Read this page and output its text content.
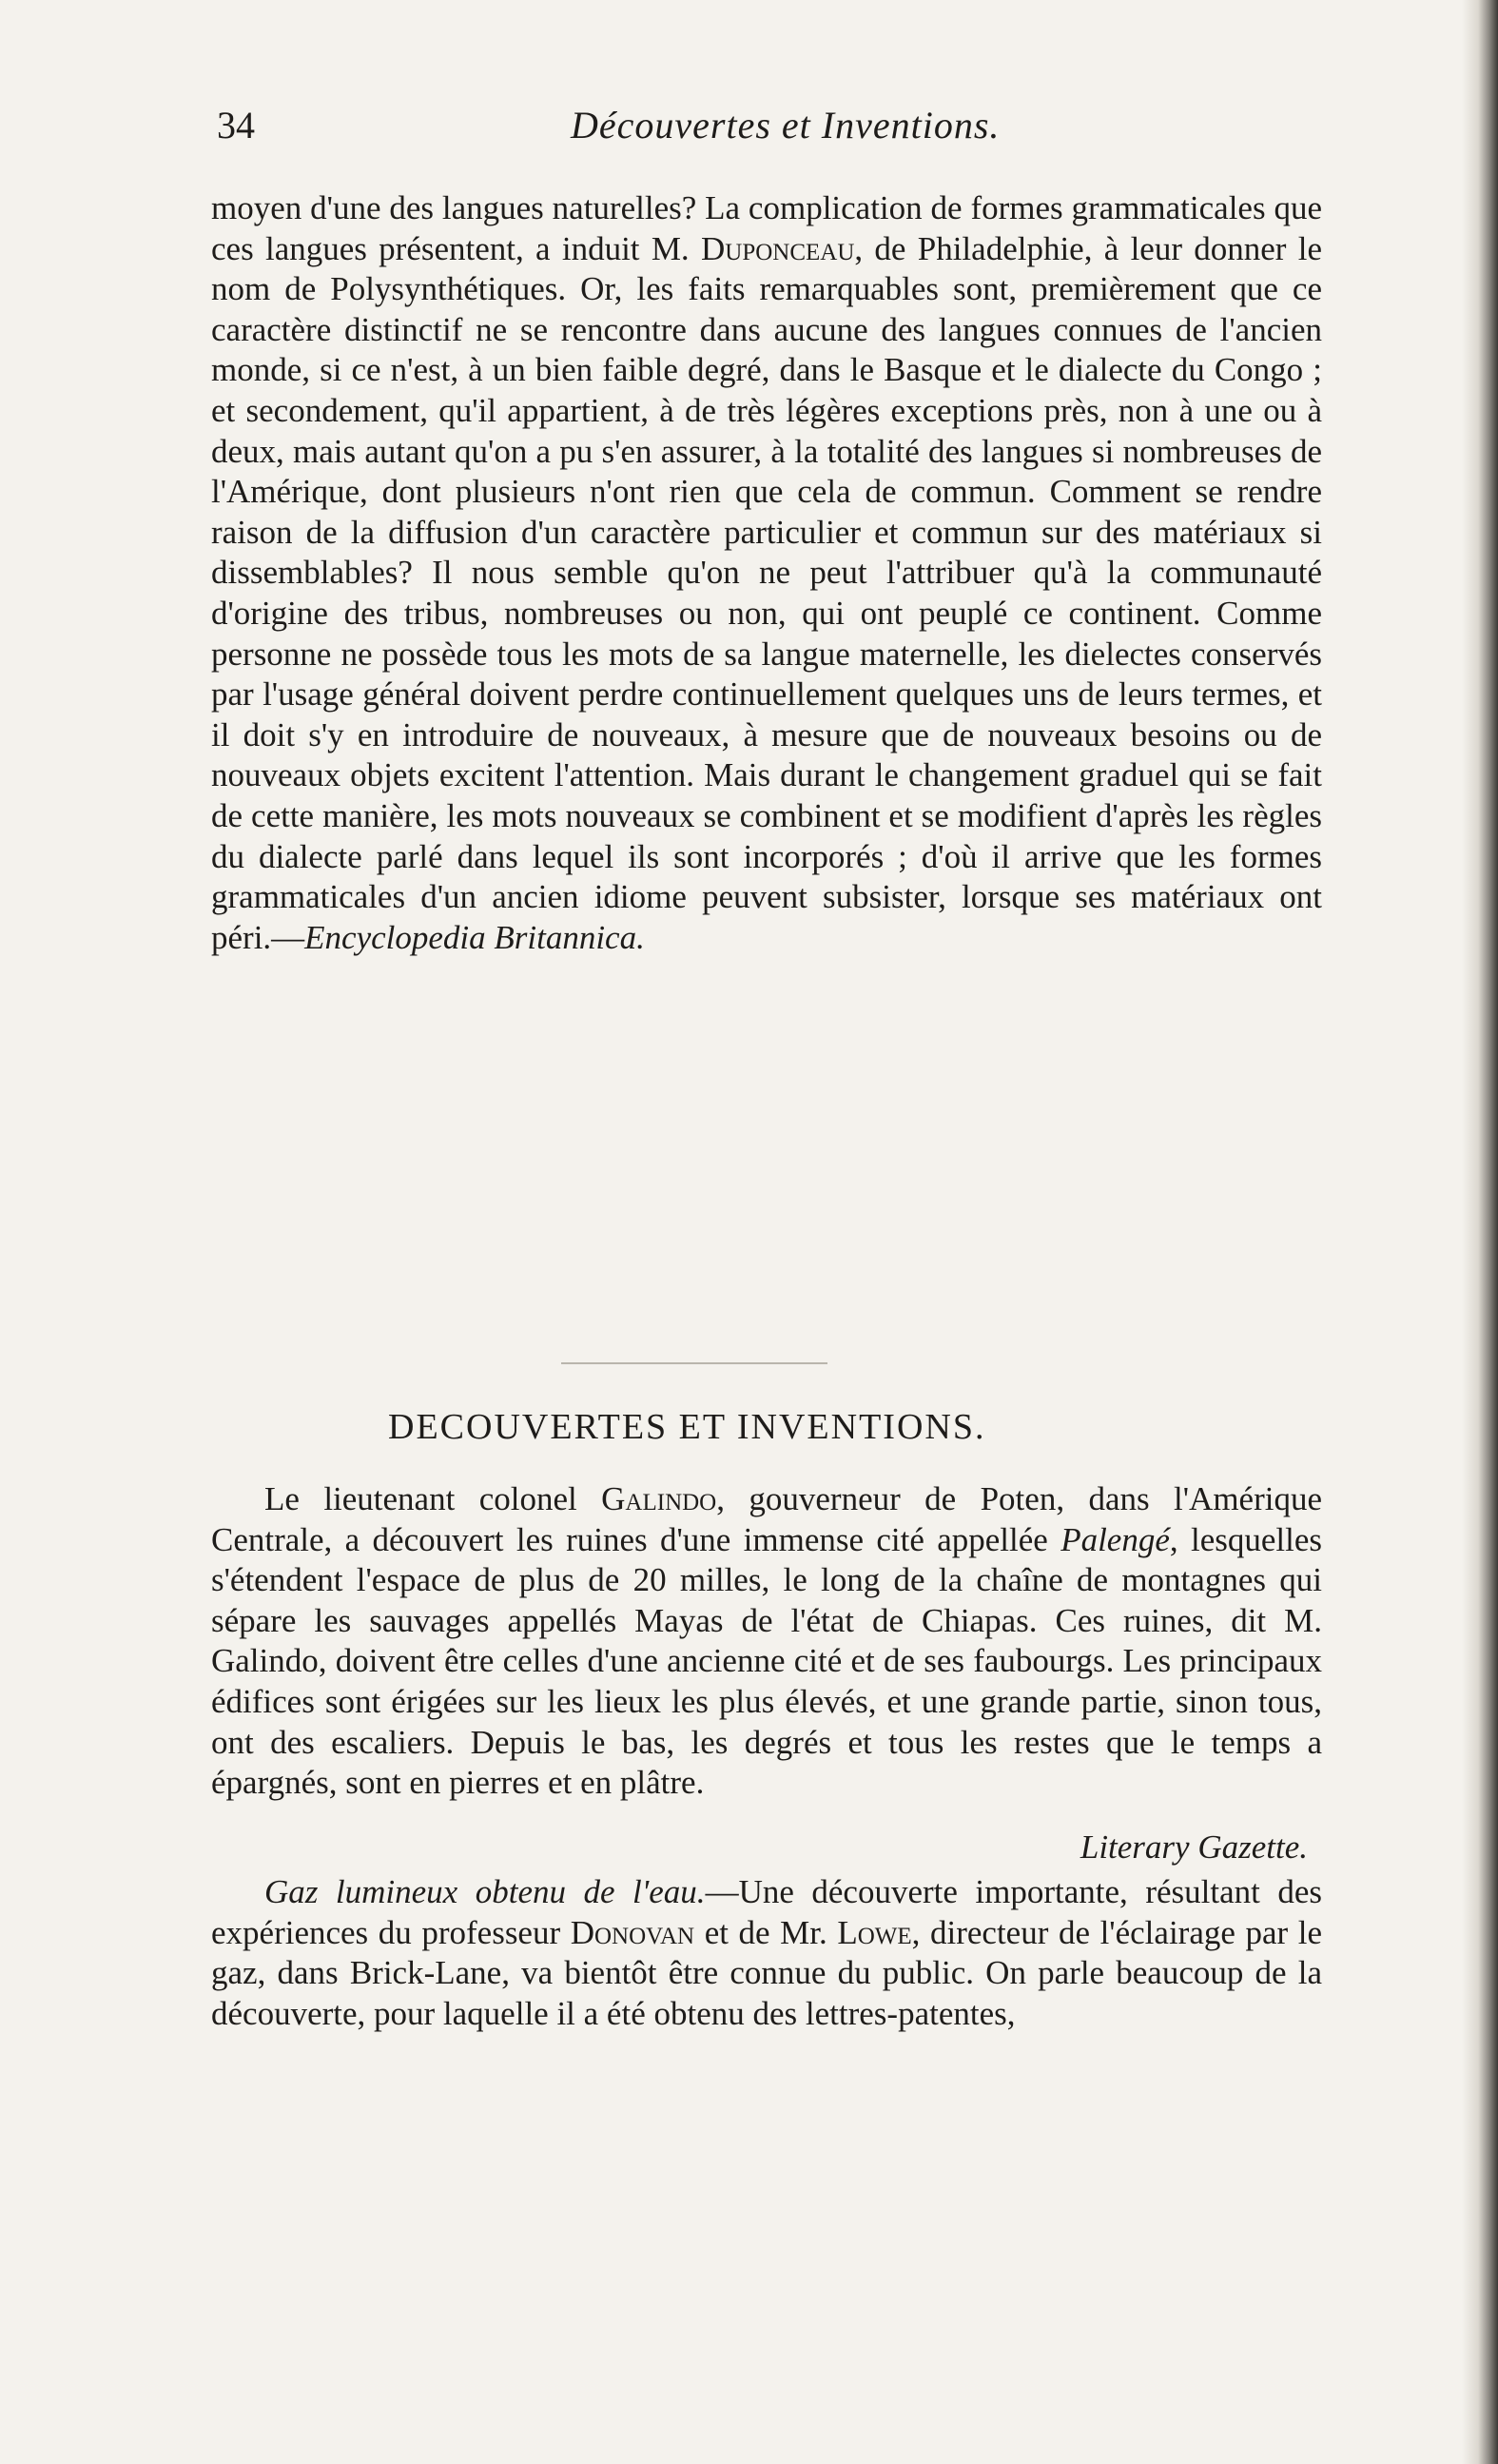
34	Découvertes et Inventions.

moyen d'une des langues naturelles? La complication de formes grammaticales que ces langues présentent, a induit M. Duponceau, de Philadelphie, à leur donner le nom de Polysynthétiques. Or, les faits remarquables sont, premièrement que ce caractère distinctif ne se rencontre dans aucune des langues connues de l'ancien monde, si ce n'est, à un bien faible degré, dans le Basque et le dialecte du Congo ; et secondement, qu'il appartient, à de très légères exceptions près, non à une ou à deux, mais autant qu'on a pu s'en assurer, à la totalité des langues si nombreuses de l'Amérique, dont plusieurs n'ont rien que cela de commun. Comment se rendre raison de la diffusion d'un caractère particulier et commun sur des matériaux si dissemblables? Il nous semble qu'on ne peut l'attribuer qu'à la communauté d'origine des tribus, nombreuses ou non, qui ont peuplé ce continent. Comme personne ne possède tous les mots de sa langue maternelle, les dielectes conservés par l'usage général doivent perdre continuellement quelques uns de leurs termes, et il doit s'y en introduire de nouveaux, à mesure que de nouveaux besoins ou de nouveaux objets excitent l'attention. Mais durant le changement graduel qui se fait de cette manière, les mots nouveaux se combinent et se modifient d'après les règles du dialecte parlé dans lequel ils sont incorporés ; d'où il arrive que les formes grammaticales d'un ancien idiome peuvent subsister, lorsque ses matériaux ont péri.—Encyclopedia Britannica.

DECOUVERTES ET INVENTIONS.

Le lieutenant colonel Galindo, gouverneur de Poten, dans l'Amérique Centrale, a découvert les ruines d'une immense cité appellée Palengé, lesquelles s'étendent l'espace de plus de 20 milles, le long de la chaîne de montagnes qui sépare les sauvages appellés Mayas de l'état de Chiapas. Ces ruines, dit M. Galindo, doivent être celles d'une ancienne cité et de ses faubourgs. Les principaux édifices sont érigées sur les lieux les plus élevés, et une grande partie, sinon tous, ont des escaliers. Depuis le bas, les degrés et tous les restes que le temps a épargnés, sont en pierres et en plâtre.

Literary Gazette.

Gaz lumineux obtenu de l'eau.—Une découverte importante, résultant des expériences du professeur Donovan et de Mr. Lowe, directeur de l'éclairage par le gaz, dans Brick-Lane, va bientôt être connue du public. On parle beaucoup de la découverte, pour laquelle il a été obtenu des lettres-patentes,
